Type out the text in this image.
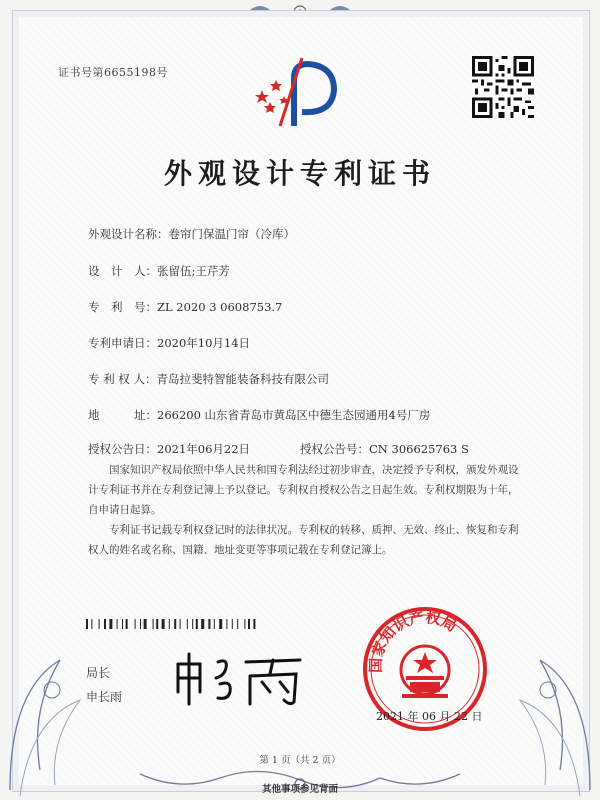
证书号第6655198号
外观设计专利证书
外观设计名称：卷帘门保温门帘（冷库）
设　计　人：张留伍;王芹芳
专　利　号：ZL 2020 3 0608753.7
专利申请日：2020年10月14日
专 利 权 人：青岛拉斐特智能装备科技有限公司
地　　　址：266200 山东省青岛市黄岛区中德生态园通用4号厂房
授权公告日：2021年06月22日	授权公告号：CN 306625763 S
国家知识产权局依照中华人民共和国专利法经过初步审查，决定授予专利权，颁发外观设计专利证书并在专利登记簿上予以登记。专利权自授权公告之日起生效。专利权期限为十年，自申请日起算。
专利证书记载专利权登记时的法律状况。专利权的转移、质押、无效、终止、恢复和专利权人的姓名或名称、国籍、地址变更等事项记载在专利登记簿上。
局长
申长雨
国家知识产权局
2021 年 06 月 22 日
第 1 页（共 2 页）
其他事项参见背面
